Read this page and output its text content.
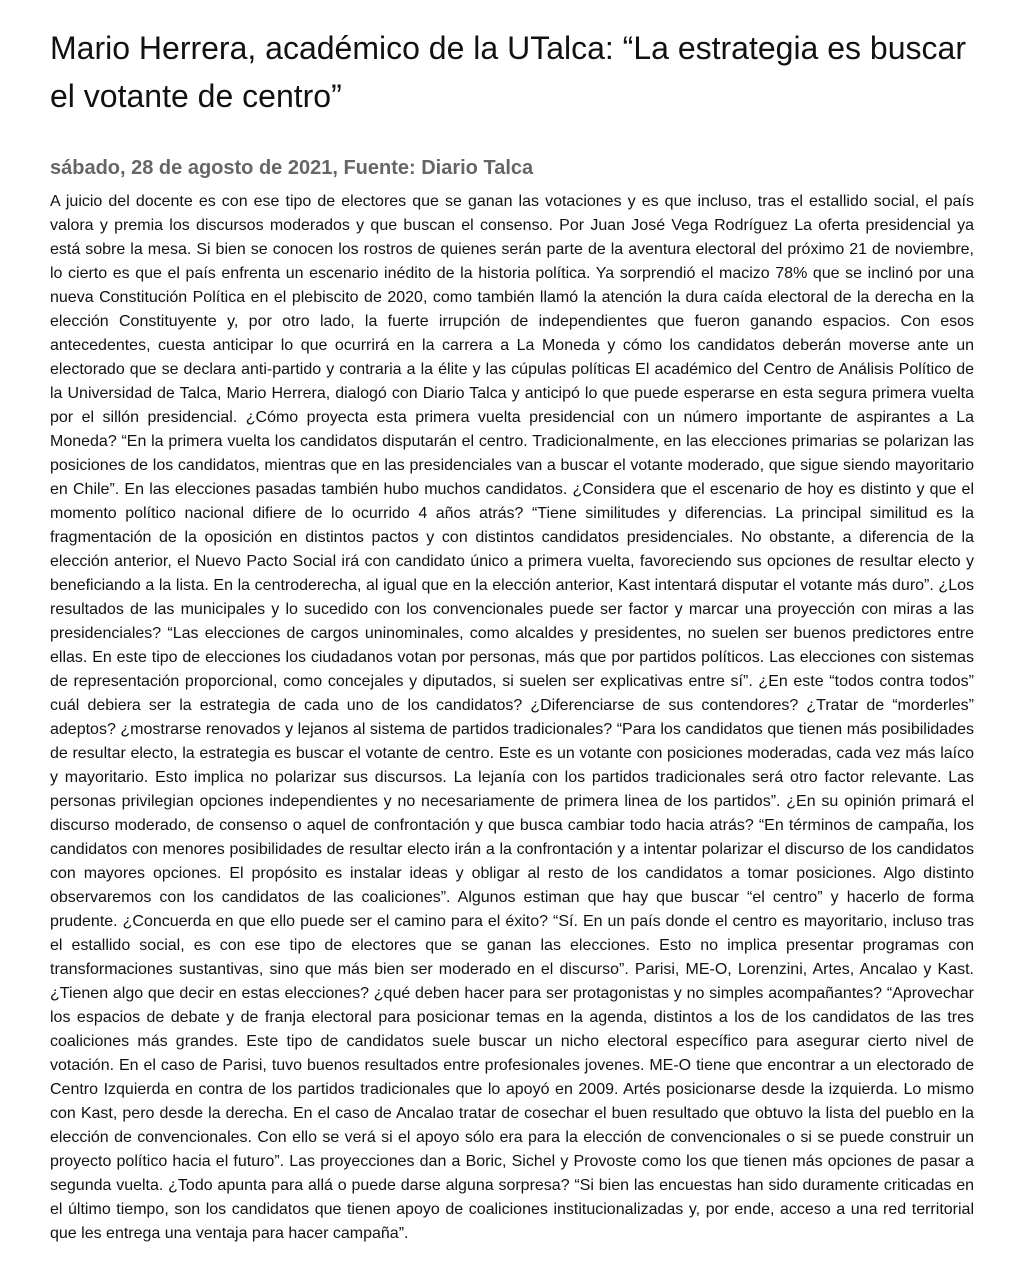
Mario Herrera, académico de la UTalca: “La estrategia es buscar el votante de centro”
sábado, 28 de agosto de 2021, Fuente: Diario Talca

A juicio del docente es con ese tipo de electores que se ganan las votaciones y es que incluso, tras el estallido social, el país valora y premia los discursos moderados y que buscan el consenso. Por Juan José Vega Rodríguez La oferta presidencial ya está sobre la mesa. Si bien se conocen los rostros de quienes serán parte de la aventura electoral del próximo 21 de noviembre, lo cierto es que el país enfrenta un escenario inédito de la historia política. Ya sorprendió el macizo 78% que se inclinó por una nueva Constitución Política en el plebiscito de 2020, como también llamó la atención la dura caída electoral de la derecha en la elección Constituyente y, por otro lado, la fuerte irrupción de independientes que fueron ganando espacios. Con esos antecedentes, cuesta anticipar lo que ocurrirá en la carrera a La Moneda y cómo los candidatos deberán moverse ante un electorado que se declara anti-partido y contraria a la élite y las cúpulas políticas El académico del Centro de Análisis Político de la Universidad de Talca, Mario Herrera, dialogó con Diario Talca y anticipó lo que puede esperarse en esta segura primera vuelta por el sillón presidencial. ¿Cómo proyecta esta primera vuelta presidencial con un número importante de aspirantes a La Moneda? “En la primera vuelta los candidatos disputarán el centro. Tradicionalmente, en las elecciones primarias se polarizan las posiciones de los candidatos, mientras que en las presidenciales van a buscar el votante moderado, que sigue siendo mayoritario en Chile”. En las elecciones pasadas también hubo muchos candidatos. ¿Considera que el escenario de hoy es distinto y que el momento político nacional difiere de lo ocurrido 4 años atrás? “Tiene similitudes y diferencias. La principal similitud es la fragmentación de la oposición en distintos pactos y con distintos candidatos presidenciales. No obstante, a diferencia de la elección anterior, el Nuevo Pacto Social irá con candidato único a primera vuelta, favoreciendo sus opciones de resultar electo y beneficiando a la lista. En la centroderecha, al igual que en la elección anterior, Kast intentará disputar el votante más duro”. ¿Los resultados de las municipales y lo sucedido con los convencionales puede ser factor y marcar una proyección con miras a las presidenciales? “Las elecciones de cargos uninominales, como alcaldes y presidentes, no suelen ser buenos predictores entre ellas. En este tipo de elecciones los ciudadanos votan por personas, más que por partidos políticos. Las elecciones con sistemas de representación proporcional, como concejales y diputados, si suelen ser explicativas entre sí”. ¿En este “todos contra todos” cuál debiera ser la estrategia de cada uno de los candidatos? ¿Diferenciarse de sus contendores? ¿Tratar de “morderles” adeptos? ¿mostrarse renovados y lejanos al sistema de partidos tradicionales? “Para los candidatos que tienen más posibilidades de resultar electo, la estrategia es buscar el votante de centro. Este es un votante con posiciones moderadas, cada vez más laíco y mayoritario. Esto implica no polarizar sus discursos. La lejanía con los partidos tradicionales será otro factor relevante. Las personas privilegian opciones independientes y no necesariamente de primera linea de los partidos”. ¿En su opinión primará el discurso moderado, de consenso o aquel de confrontación y que busca cambiar todo hacia atrás? “En términos de campaña, los candidatos con menores posibilidades de resultar electo irán a la confrontación y a intentar polarizar el discurso de los candidatos con mayores opciones. El propósito es instalar ideas y obligar al resto de los candidatos a tomar posiciones. Algo distinto observaremos con los candidatos de las coaliciones”. Algunos estiman que hay que buscar “el centro” y hacerlo de forma prudente. ¿Concuerda en que ello puede ser el camino para el éxito? “Sí. En un país donde el centro es mayoritario, incluso tras el estallido social, es con ese tipo de electores que se ganan las elecciones. Esto no implica presentar programas con transformaciones sustantivas, sino que más bien ser moderado en el discurso”. Parisi, ME-O, Lorenzini, Artes, Ancalao y Kast. ¿Tienen algo que decir en estas elecciones? ¿qué deben hacer para ser protagonistas y no simples acompañantes? “Aprovechar los espacios de debate y de franja electoral para posicionar temas en la agenda, distintos a los de los candidatos de las tres coaliciones más grandes. Este tipo de candidatos suele buscar un nicho electoral específico para asegurar cierto nivel de votación. En el caso de Parisi, tuvo buenos resultados entre profesionales jovenes. ME-O tiene que encontrar a un electorado de Centro Izquierda en contra de los partidos tradicionales que lo apoyó en 2009. Artés posicionarse desde la izquierda. Lo mismo con Kast, pero desde la derecha. En el caso de Ancalao tratar de cosechar el buen resultado que obtuvo la lista del pueblo en la elección de convencionales. Con ello se verá si el apoyo sólo era para la elección de convencionales o si se puede construir un proyecto político hacia el futuro”. Las proyecciones dan a Boric, Sichel y Provoste como los que tienen más opciones de pasar a segunda vuelta. ¿Todo apunta para allá o puede darse alguna sorpresa? “Si bien las encuestas han sido duramente criticadas en el último tiempo, son los candidatos que tienen apoyo de coaliciones institucionalizadas y, por ende, acceso a una red territorial que les entrega una ventaja para hacer campaña”.
